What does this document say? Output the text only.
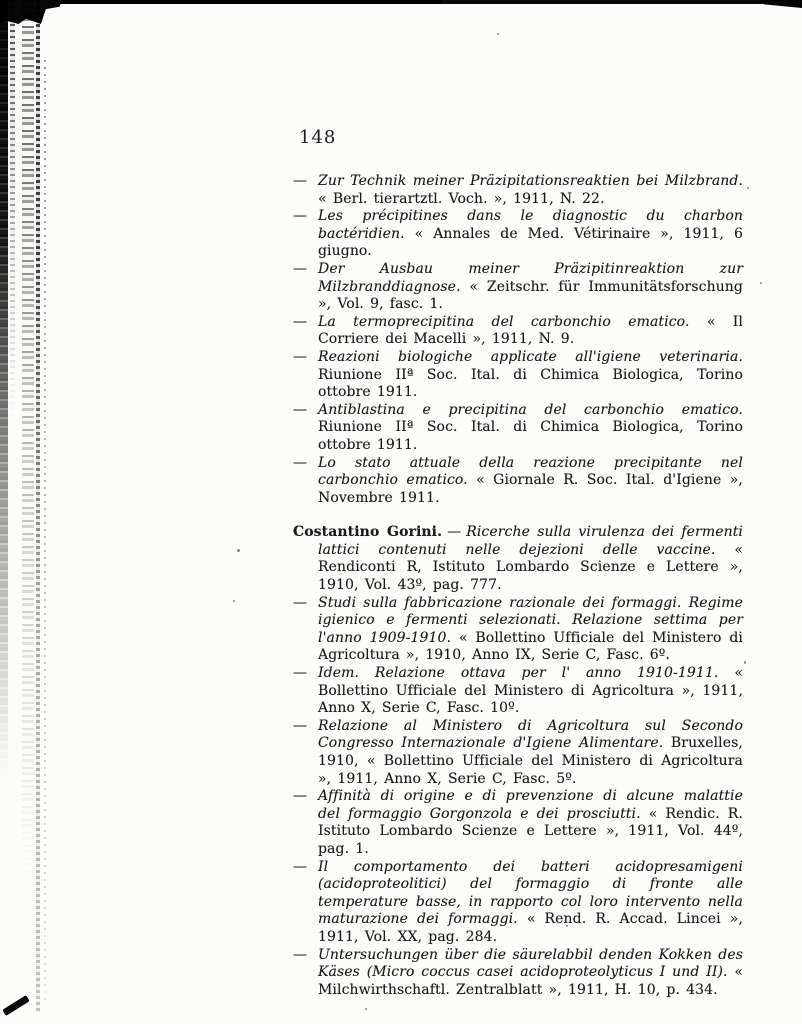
148

— Zur Technik meiner Präzipitationsreaktien bei Milzbrand. « Berl. tierartztl. Voch. », 1911, N. 22.

— Les précipitines dans le diagnostic du charbon bactéridien. « Annales de Med. Vétirinaire », 1911, 6 giugno.

— Der Ausbau meiner Präzipitinreaktion zur Milzbranddiagnose. « Zeitschr. für Immunitätsforschung », Vol. 9, fasc. 1.

— La termoprecipitina del carbonchio ematico. « Il Corriere dei Macelli », 1911, N. 9.

— Reazioni biologiche applicate all'igiene veterinaria. Riunione IIª Soc. Ital. di Chimica Biologica, Torino ottobre 1911.

— Antiblastina e precipitina del carbonchio ematico. Riunione IIª Soc. Ital. di Chimica Biologica, Torino ottobre 1911.

— Lo stato attuale della reazione precipitante nel carbonchio ematico. « Giornale R. Soc. Ital. d'Igiene », Novembre 1911.

Costantino Gorini. — Ricerche sulla virulenza dei fermenti lattici contenuti nelle dejezioni delle vaccine. « Rendiconti R, Istituto Lombardo Scienze e Lettere », 1910, Vol. 43º, pag. 777.

— Studi sulla fabbricazione razionale dei formaggi. Regime igienico e fermenti selezionati. Relazione settima per l'anno 1909-1910. « Bollettino Ufficiale del Ministero di Agricoltura », 1910, Anno IX, Serie C, Fasc. 6º.

— Idem. Relazione ottava per l' anno 1910-1911. « Bollettino Ufficiale del Ministero di Agricoltura », 1911, Anno X, Serie C, Fasc. 10º.

— Relazione al Ministero di Agricoltura sul Secondo Congresso Internazionale d'Igiene Alimentare. Bruxelles, 1910, « Bollettino Ufficiale del Ministero di Agricoltura », 1911, Anno X, Serie C, Fasc. 5º.

— Affinità di origine e di prevenzione di alcune malattie del formaggio Gorgonzola e dei prosciutti. « Rendic. R. Istituto Lombardo Scienze e Lettere », 1911, Vol. 44º, pag. 1.

— Il comportamento dei batteri acidopresamigeni (acidoproteolitici) del formaggio di fronte alle temperature basse, in rapporto col loro intervento nella maturazione dei formaggi. « Rend. R. Accad. Lincei », 1911, Vol. XX, pag. 284.

— Untersuchungen über die säurelabbil denden Kokken des Käses (Micro coccus casei acidoproteolyticus I und II). « Milchwirthschaftl. Zentralblatt », 1911, H. 10, p. 434.
